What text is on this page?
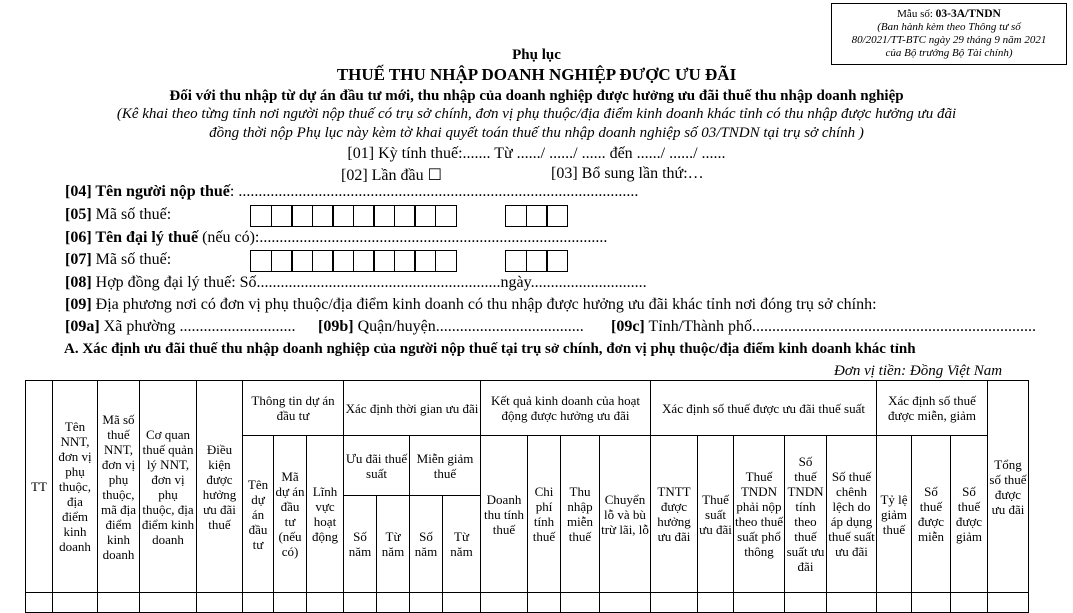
Mẫu số: 03-3A/TNDN
(Ban hành kèm theo Thông tư số
80/2021/TT-BTC ngày 29 tháng 9 năm 2021
của Bộ trưởng Bộ Tài chính)
Phụ lục
THUẾ THU NHẬP DOANH NGHIỆP ĐƯỢC ƯU ĐÃI
Đối với thu nhập từ dự án đầu tư mới, thu nhập của doanh nghiệp được hưởng ưu đãi thuế thu nhập doanh nghiệp
(Kê khai theo từng tỉnh nơi người nộp thuế có trụ sở chính, đơn vị phụ thuộc/địa điểm kinh doanh khác tỉnh có thu nhập được hưởng ưu đãi
đồng thời nộp Phụ lục này kèm tờ khai quyết toán thuế thu nhập doanh nghiệp số 03/TNDN tại trụ sở chính )
[01] Kỳ tính thuế:....... Từ ....../ ....../ ...... đến ....../ ....../ ......
[02] Lần đầu ☐	[03] Bổ sung lần thứ:…
[04] Tên người nộp thuế: ....................................................................................................
[05] Mã số thuế:
[06] Tên đại lý thuế (nếu có):.......................................................................................
[07] Mã số thuế:
[08] Hợp đồng đại lý thuế: Số.............................................................ngày.............................
[09] Địa phương nơi có đơn vị phụ thuộc/địa điểm kinh doanh có thu nhập được hưởng ưu đãi khác tỉnh nơi đóng trụ sở chính:
[09a] Xã phường ............................. [09b] Quận/huyện..................................... [09c] Tỉnh/Thành phố.......................................................................
A. Xác định ưu đãi thuế thu nhập doanh nghiệp của người nộp thuế tại trụ sở chính, đơn vị phụ thuộc/địa điểm kinh doanh khác tỉnh
Đơn vị tiền: Đồng Việt Nam
TT	Tên NNT, đơn vị phụ thuộc, địa điểm kinh doanh	Mã số thuế NNT, đơn vị phụ thuộc, mã địa điểm kinh doanh	Cơ quan thuế quản lý NNT, đơn vị phụ thuộc, địa điểm kinh doanh	Điều kiện được hưởng ưu đãi thuế	Thông tin dự án đầu tư			Xác định thời gian ưu đãi				Kết quả kinh doanh của hoạt động được hưởng ưu đãi				Xác định số thuế được ưu đãi thuế suất					Xác định số thuế được miễn, giảm			Tổng số thuế được ưu đãi
					Tên dự án đầu tư	Mã dự án đầu tư (nếu có)	Lĩnh vực hoạt động	Ưu đãi thuế suất		Miễn giảm thuế		Doanh thu tính thuế	Chi phí tính thuế	Thu nhập miễn thuế	Chuyển lỗ và bù trừ lãi, lỗ	TNTT được hưởng ưu đãi	Thuế suất ưu đãi	Thuế TNDN phải nộp theo thuế suất phổ thông	Số thuế TNDN tính theo thuế suất ưu đãi	Số thuế chênh lệch do áp dụng thuế suất ưu đãi	Tỷ lệ giảm thuế	Số thuế được miễn	Số thuế được giảm	
								Số năm	Từ năm	Số năm	Từ năm													
